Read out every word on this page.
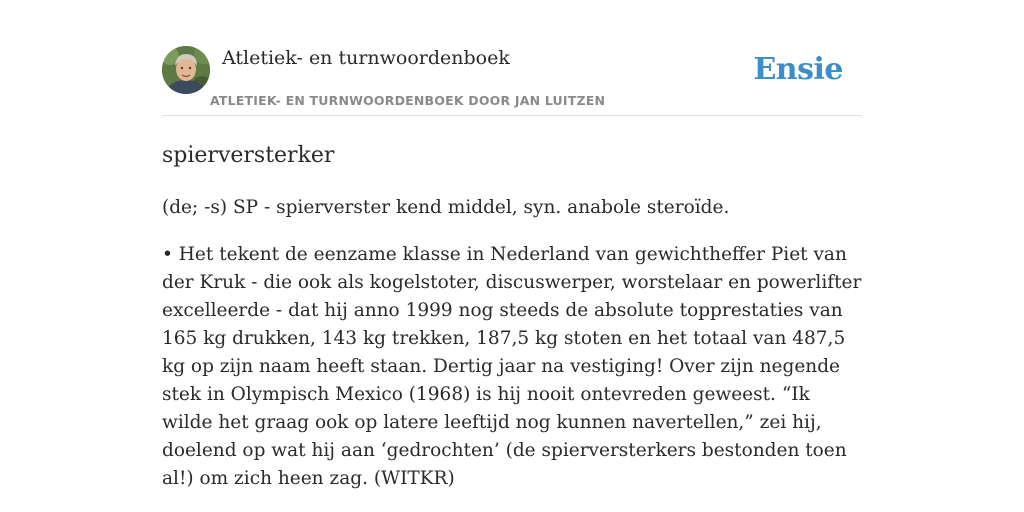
Atletiek- en turnwoordenboek
ATLETIEK- EN TURNWOORDENBOEK DOOR JAN LUITZEN
Ensie
spierversterker

(de; -s) SP - spierverster kend middel, syn. anabole steroïde.

• Het tekent de eenzame klasse in Nederland van gewichtheffer Piet van der Kruk - die ook als kogelstoter, discuswerper, worstelaar en powerlifter excelleerde - dat hij anno 1999 nog steeds de absolute topprestaties van 165 kg drukken, 143 kg trekken, 187,5 kg stoten en het totaal van 487,5 kg op zijn naam heeft staan. Dertig jaar na vestiging! Over zijn negende stek in Olympisch Mexico (1968) is hij nooit ontevreden geweest. “Ik wilde het graag ook op latere leeftijd nog kunnen navertellen,” zei hij, doelend op wat hij aan ‘gedrochten’ (de spierversterkers bestonden toen al!) om zich heen zag. (WITKR)
